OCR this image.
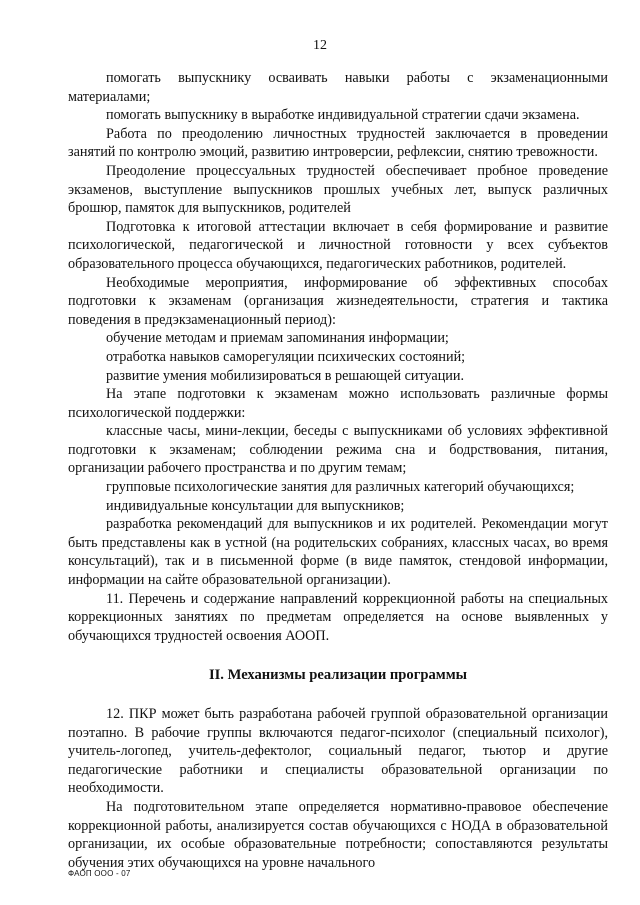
12

помогать выпускнику осваивать навыки работы с экзаменационными материалами;

помогать выпускнику в выработке индивидуальной стратегии сдачи экзамена.

Работа по преодолению личностных трудностей заключается в проведении занятий по контролю эмоций, развитию интроверсии, рефлексии, снятию тревожности.

Преодоление процессуальных трудностей обеспечивает пробное проведение экзаменов, выступление выпускников прошлых учебных лет, выпуск различных брошюр, памяток для выпускников, родителей

Подготовка к итоговой аттестации включает в себя формирование и развитие психологической, педагогической и личностной готовности у всех субъектов образовательного процесса обучающихся, педагогических работников, родителей.

Необходимые мероприятия, информирование об эффективных способах подготовки к экзаменам (организация жизнедеятельности, стратегия и тактика поведения в предэкзаменационный период):

обучение методам и приемам запоминания информации;

отработка навыков саморегуляции психических состояний;

развитие умения мобилизироваться в решающей ситуации.

На этапе подготовки к экзаменам можно использовать различные формы психологической поддержки:

классные часы, мини-лекции, беседы с выпускниками об условиях эффективной подготовки к экзаменам; соблюдении режима сна и бодрствования, питания, организации рабочего пространства и по другим темам;

групповые психологические занятия для различных категорий обучающихся;

индивидуальные консультации для выпускников;

разработка рекомендаций для выпускников и их родителей. Рекомендации могут быть представлены как в устной (на родительских собраниях, классных часах, во время консультаций), так и в письменной форме (в виде памяток, стендовой информации, информации на сайте образовательной организации).

11. Перечень и содержание направлений коррекционной работы на специальных коррекционных занятиях по предметам определяется на основе выявленных у обучающихся трудностей освоения АООП.

II. Механизмы реализации программы

12. ПКР может быть разработана рабочей группой образовательной организации поэтапно. В рабочие группы включаются педагог-психолог (специальный психолог), учитель-логопед, учитель-дефектолог, социальный педагог, тьютор и другие педагогические работники и специалисты образовательной организации по необходимости.

На подготовительном этапе определяется нормативно-правовое обеспечение коррекционной работы, анализируется состав обучающихся с НОДА в образовательной организации, их особые образовательные потребности; сопоставляются результаты обучения этих обучающихся на уровне начального

ФАОП ООО - 07
